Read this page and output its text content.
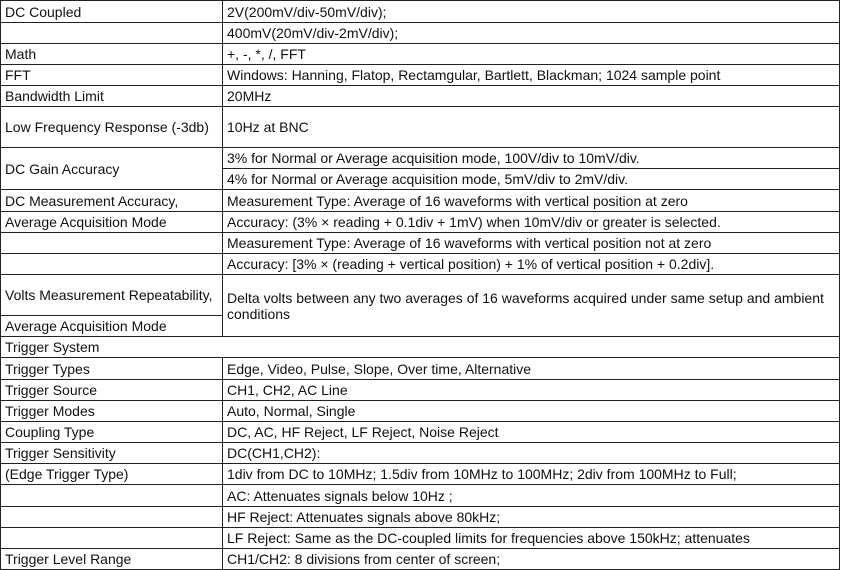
DC Coupled	2V(200mV/div-50mV/div);
	400mV(20mV/div-2mV/div);
Math	+, -, *, /, FFT
FFT	Windows: Hanning, Flatop, Rectamgular, Bartlett, Blackman; 1024 sample point
Bandwidth Limit	20MHz
Low Frequency Response (-3db)	10Hz at BNC
DC Gain Accuracy	3% for Normal or Average acquisition mode, 100V/div to 10mV/div.
	4% for Normal or Average acquisition mode, 5mV/div to 2mV/div.
DC Measurement Accuracy,	Measurement Type: Average of 16 waveforms with vertical position at zero
Average Acquisition Mode	Accuracy: (3% × reading + 0.1div + 1mV) when 10mV/div or greater is selected.
	Measurement Type: Average of 16 waveforms with vertical position not at zero
	Accuracy: [3% × (reading + vertical position) + 1% of vertical position + 0.2div].
Volts Measurement Repeatability,	Delta volts between any two averages of 16 waveforms acquired under same setup and ambient conditions
Average Acquisition Mode	
Trigger System	
Trigger Types	Edge, Video, Pulse, Slope, Over time, Alternative
Trigger Source	CH1, CH2, AC Line
Trigger Modes	Auto, Normal, Single
Coupling Type	DC, AC, HF Reject, LF Reject, Noise Reject
Trigger Sensitivity	DC(CH1,CH2):
(Edge Trigger Type)	1div from DC to 10MHz; 1.5div from 10MHz to 100MHz; 2div from 100MHz to Full;
	AC: Attenuates signals below 10Hz ;
	HF Reject: Attenuates signals above 80kHz;
	LF Reject: Same as the DC-coupled limits for frequencies above 150kHz; attenuates
Trigger Level Range	CH1/CH2: 8 divisions from center of screen;
